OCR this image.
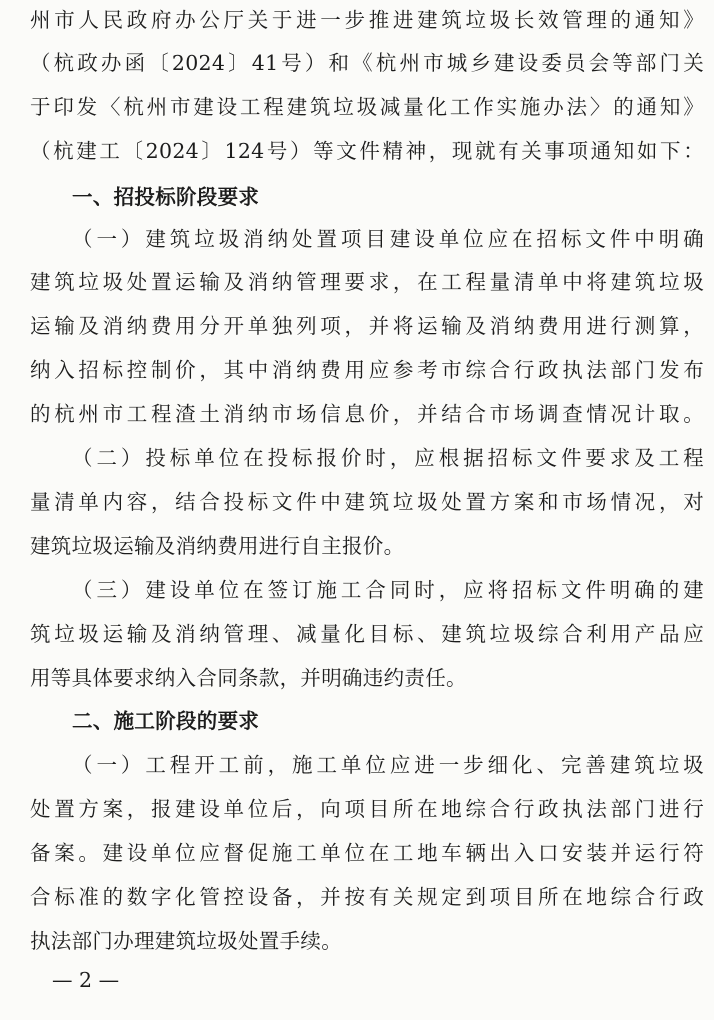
州市人民政府办公厅关于进一步推进建筑垃圾长效管理的通知》
（杭政办函〔2024〕41号）和《杭州市城乡建设委员会等部门关
于印发〈杭州市建设工程建筑垃圾减量化工作实施办法〉的通知》
（杭建工〔2024〕124号）等文件精神，现就有关事项通知如下：
一、招投标阶段要求
（一）建筑垃圾消纳处置项目建设单位应在招标文件中明确
建筑垃圾处置运输及消纳管理要求，在工程量清单中将建筑垃圾
运输及消纳费用分开单独列项，并将运输及消纳费用进行测算，
纳入招标控制价，其中消纳费用应参考市综合行政执法部门发布
的杭州市工程渣土消纳市场信息价，并结合市场调查情况计取。
（二）投标单位在投标报价时，应根据招标文件要求及工程
量清单内容，结合投标文件中建筑垃圾处置方案和市场情况，对
建筑垃圾运输及消纳费用进行自主报价。
（三）建设单位在签订施工合同时，应将招标文件明确的建
筑垃圾运输及消纳管理、减量化目标、建筑垃圾综合利用产品应
用等具体要求纳入合同条款，并明确违约责任。
二、施工阶段的要求
（一）工程开工前，施工单位应进一步细化、完善建筑垃圾
处置方案，报建设单位后，向项目所在地综合行政执法部门进行
备案。建设单位应督促施工单位在工地车辆出入口安装并运行符
合标准的数字化管控设备，并按有关规定到项目所在地综合行政
执法部门办理建筑垃圾处置手续。
— 2 —
